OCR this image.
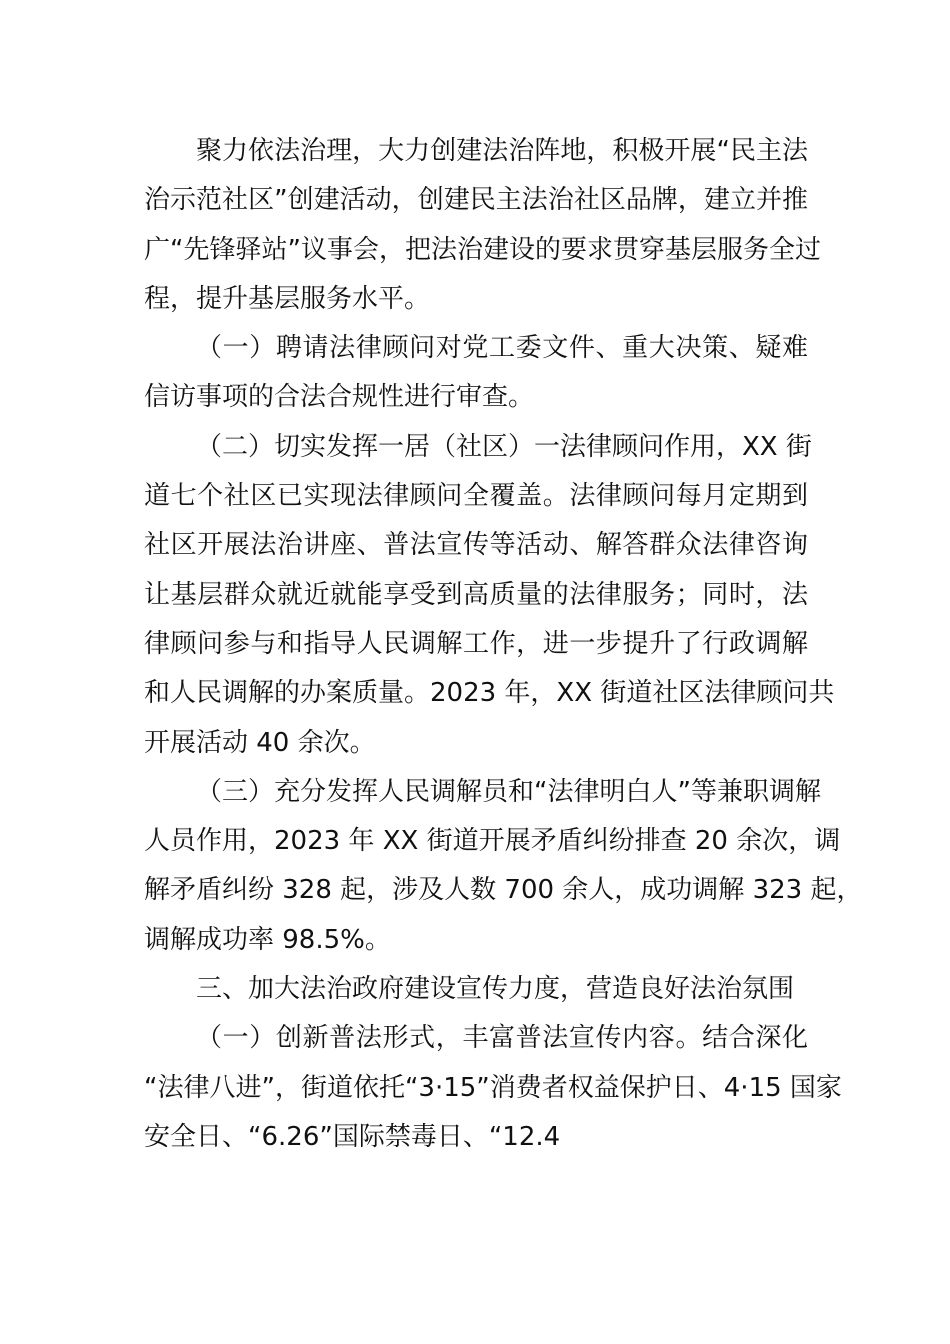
聚力依法治理，大力创建法治阵地，积极开展“民主法
治示范社区”创建活动，创建民主法治社区品牌，建立并推
广“先锋驿站”议事会，把法治建设的要求贯穿基层服务全过
程，提升基层服务水平。
（一）聘请法律顾问对党工委文件、重大决策、疑难
信访事项的合法合规性进行审查。
（二）切实发挥一居（社区）一法律顾问作用，XX 街
道七个社区已实现法律顾问全覆盖。法律顾问每月定期到
社区开展法治讲座、普法宣传等活动、解答群众法律咨询
让基层群众就近就能享受到高质量的法律服务；同时，法
律顾问参与和指导人民调解工作，进一步提升了行政调解
和人民调解的办案质量。2023 年，XX 街道社区法律顾问共
开展活动 40 余次。
（三）充分发挥人民调解员和“法律明白人”等兼职调解
人员作用，2023 年 XX 街道开展矛盾纠纷排查 20 余次，调
解矛盾纠纷 328 起，涉及人数 700 余人，成功调解 323 起，
调解成功率 98.5%。
三、加大法治政府建设宣传力度，营造良好法治氛围
（一）创新普法形式，丰富普法宣传内容。结合深化
“法律八进”，街道依托“3·15”消费者权益保护日、4·15 国家
安全日、“6.26”国际禁毒日、“12.4
